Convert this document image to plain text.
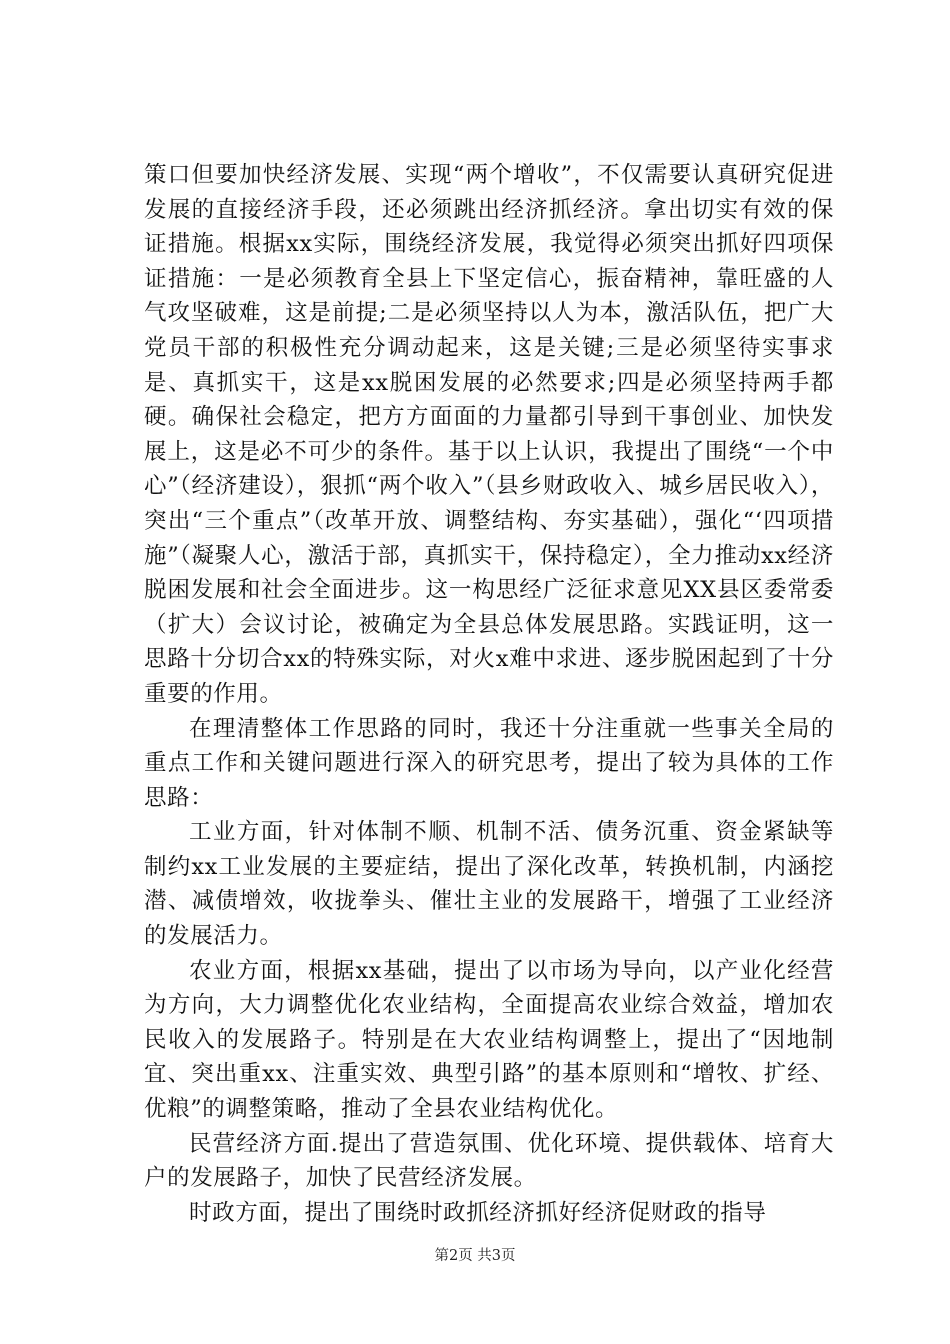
策口但要加快经济发展、实现“两个增收”，不仅需要认真研究促进发展的直接经济手段，还必须跳出经济抓经济。拿出切实有效的保证措施。根据xx实际，围绕经济发展，我觉得必须突出抓好四项保证措施：一是必须教育全县上下坚定信心，振奋精神，靠旺盛的人气攻坚破难，这是前提;二是必须坚持以人为本，激活队伍，把广大党员干部的积极性充分调动起来，这是关键;三是必须坚待实事求是、真抓实干，这是xx脱困发展的必然要求;四是必须坚持两手都硬。确保社会稳定，把方方面面的力量都引导到干事创业、加快发展上，这是必不可少的条件。基于以上认识，我提出了围绕“一个中心”（经济建设），狠抓“两个收入”（县乡财政收入、城乡居民收入），突出“三个重点”（改革开放、调整结构、夯实基础），强化“‘四项措施”（凝聚人心，激活于部，真抓实干，保持稳定），全力推动xx经济脱困发展和社会全面进步。这一构思经广泛征求意见XX县区委常委（扩大）会议讨论，被确定为全县总体发展思路。实践证明，这一思路十分切合xx的特殊实际，对火x难中求进、逐步脱困起到了十分重要的作用。

在理清整体工作思路的同时，我还十分注重就一些事关全局的重点工作和关键问题进行深入的研究思考，提出了较为具体的工作思路：

工业方面，针对体制不顺、机制不活、债务沉重、资金紧缺等制约xx工业发展的主要症结，提出了深化改革，转换机制，内涵挖潜、减债增效，收拢拳头、催壮主业的发展路干，增强了工业经济的发展活力。

农业方面，根据xx基础，提出了以市场为导向，以产业化经营为方向，大力调整优化农业结构，全面提高农业综合效益，增加农民收入的发展路子。特别是在大农业结构调整上，提出了“因地制宜、突出重xx、注重实效、典型引路”的基本原则和“增牧、扩经、优粮”的调整策略，推动了全县农业结构优化。

民营经济方面.提出了营造氛围、优化环境、提供载体、培育大户的发展路子，加快了民营经济发展。

时政方面，提出了围绕时政抓经济抓好经济促财政的指导

第2页 共3页
